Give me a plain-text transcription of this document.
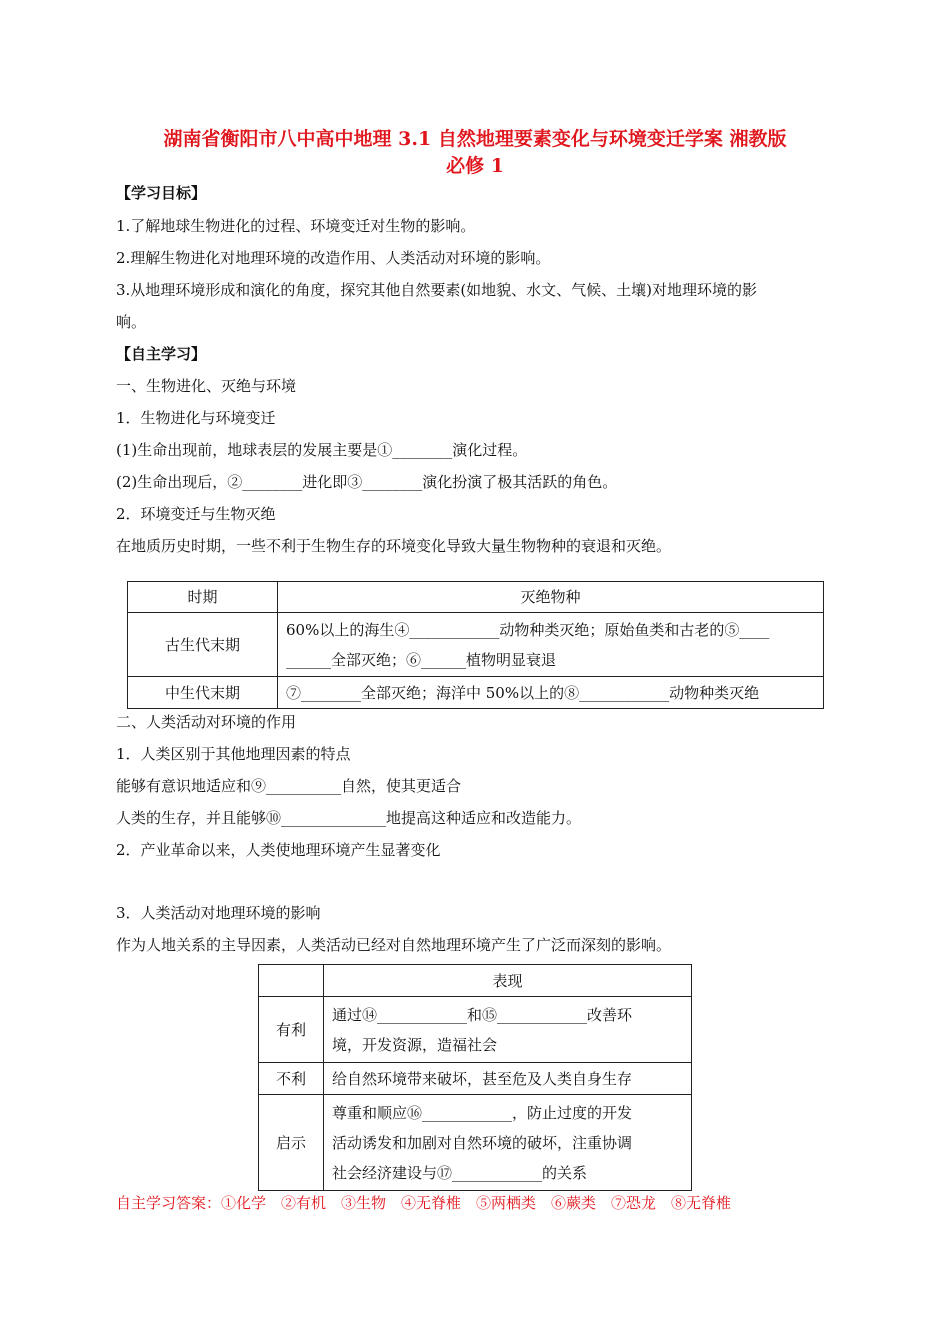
湖南省衡阳市八中高中地理 3.1 自然地理要素变化与环境变迁学案 湘教版
必修 1
【学习目标】
1.了解地球生物进化的过程、环境变迁对生物的影响。
2.理解生物进化对地理环境的改造作用、人类活动对环境的影响。
3.从地理环境形成和演化的角度，探究其他自然要素(如地貌、水文、气候、土壤)对地理环境的影
响。
【自主学习】
一、生物进化、灭绝与环境
1．生物进化与环境变迁
(1)生命出现前，地球表层的发展主要是①________演化过程。
(2)生命出现后，②________进化即③________演化扮演了极其活跃的角色。
2．环境变迁与生物灭绝
在地质历史时期，一些不利于生物生存的环境变化导致大量生物物种的衰退和灭绝。
时期	灭绝物种
古生代末期	60%以上的海生④____________动物种类灭绝；原始鱼类和古老的⑤____
______全部灭绝；⑥______植物明显衰退

中生代末期	⑦________全部灭绝；海洋中 50%以上的⑧____________动物种类灭绝
二、人类活动对环境的作用
1．人类区别于其他地理因素的特点
能够有意识地适应和⑨__________自然，使其更适合
人类的生存，并且能够⑩______________地提高这种适应和改造能力。
2．产业革命以来，人类使地理环境产生显著变化
3．人类活动对地理环境的影响
作为人地关系的主导因素，人类活动已经对自然地理环境产生了广泛而深刻的影响。
	表现
有利	通过⑭____________和⑮____________改善环
境，开发资源，造福社会

不利	给自然环境带来破坏，甚至危及人类自身生存
启示	尊重和顺应⑯____________，防止过度的开发
活动诱发和加剧对自然环境的破坏，注重协调
社会经济建设与⑰____________的关系
自主学习答案：①化学　②有机　③生物　④无脊椎　⑤两栖类　⑥蕨类　⑦恐龙　⑧无脊椎
